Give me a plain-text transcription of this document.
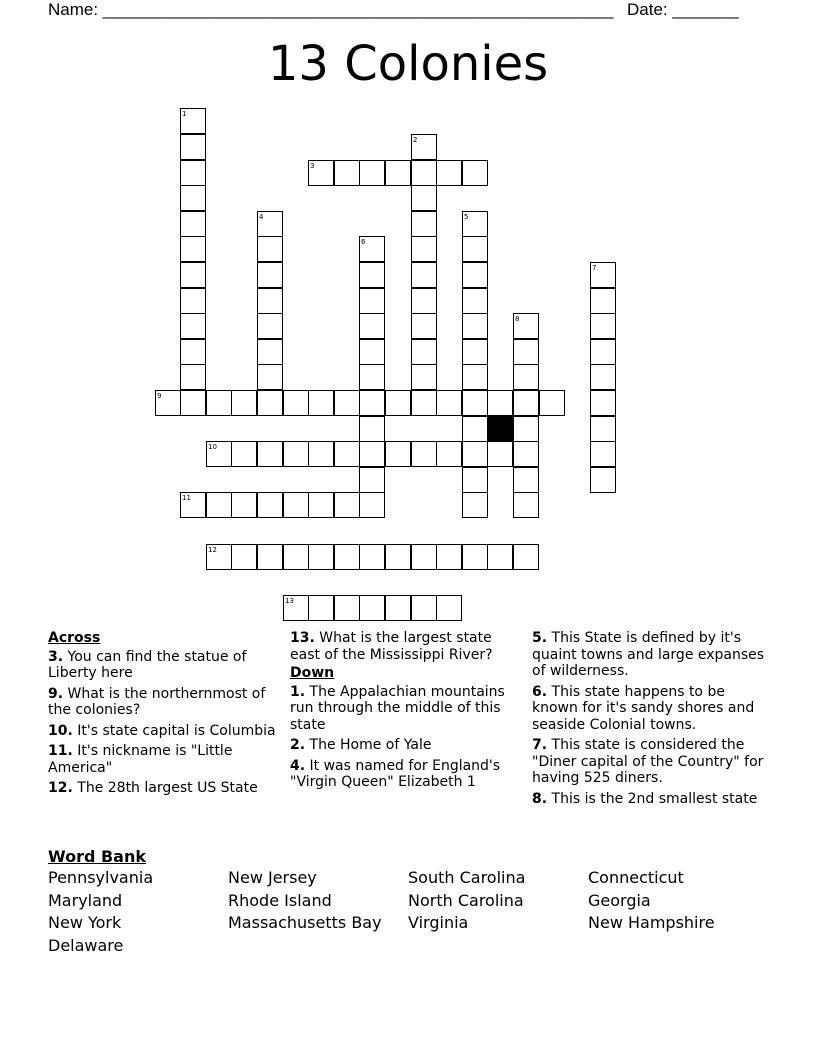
Name: ______________________________________________________ Date: _______
13 Colonies
1
2
3
4	5
6
7
8
9
10
11
12
13
Across
3. You can find the statue of Liberty here
9. What is the northernmost of the colonies?
10. It's state capital is Columbia
11. It's nickname is "Little America"
12. The 28th largest US State
13. What is the largest state east of the Mississippi River?
Down
1. The Appalachian mountains run through the middle of this state
2. The Home of Yale
4. It was named for England's "Virgin Queen" Elizabeth 1
5. This State is defined by it's quaint towns and large expanses of wilderness.
6. This state happens to be known for it's sandy shores and seaside Colonial towns.
7. This state is considered the "Diner capital of the Country" for having 525 diners.
8. This is the 2nd smallest state
Word Bank
Pennsylvania
Maryland
New York
Delaware
New Jersey
Rhode Island
Massachusetts Bay
South Carolina
North Carolina
Virginia
Connecticut
Georgia
New Hampshire
